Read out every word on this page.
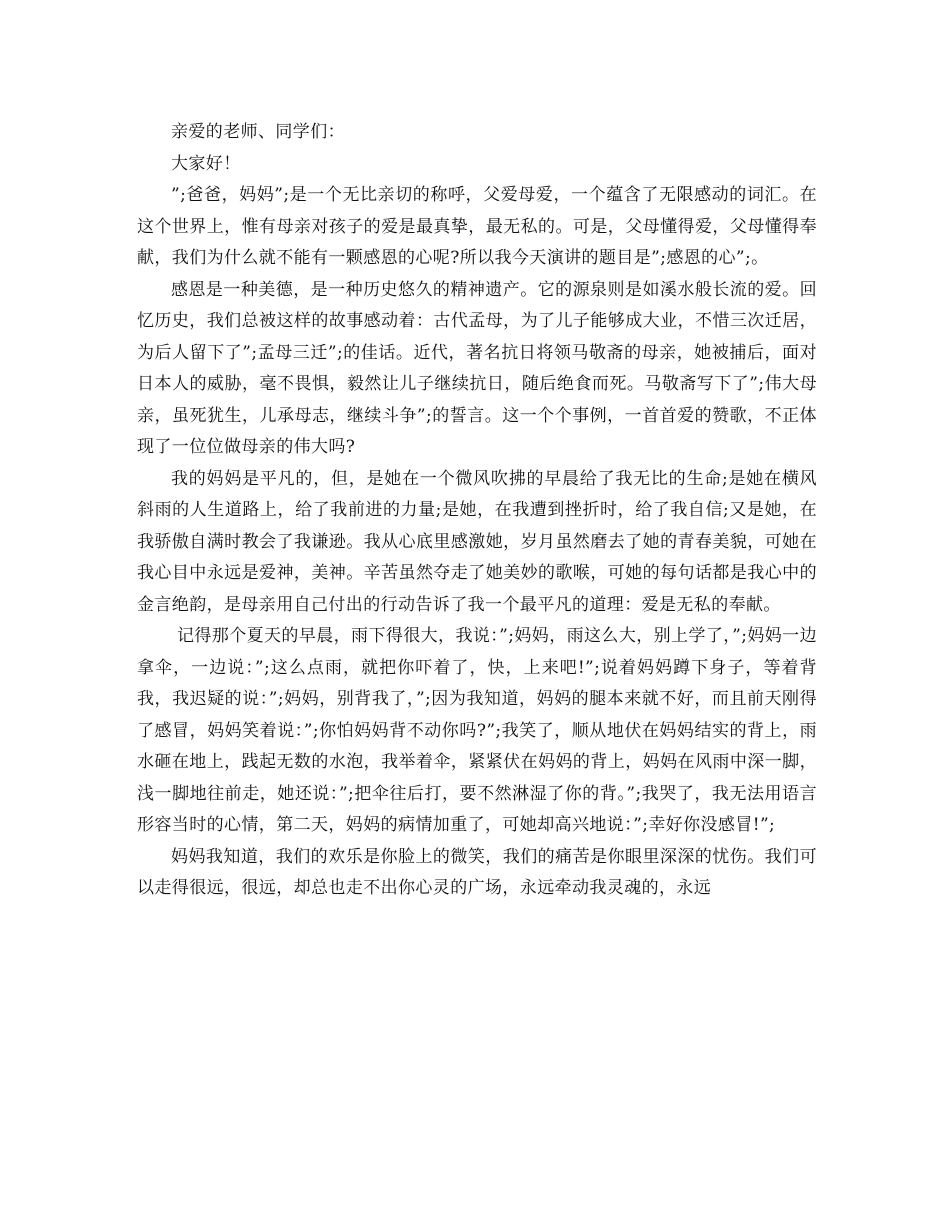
亲爱的老师、同学们：

大家好！

”;爸爸，妈妈”;是一个无比亲切的称呼，父爱母爱，一个蕴含了无限感动的词汇。在这个世界上，惟有母亲对孩子的爱是最真挚，最无私的。可是，父母懂得爱，父母懂得奉献，我们为什么就不能有一颗感恩的心呢?所以我今天演讲的题目是”;感恩的心”;。

感恩是一种美德，是一种历史悠久的精神遗产。它的源泉则是如溪水般长流的爱。回忆历史，我们总被这样的故事感动着：古代孟母，为了儿子能够成大业，不惜三次迁居，为后人留下了”;孟母三迁”;的佳话。近代，著名抗日将领马敬斋的母亲，她被捕后，面对日本人的威胁，毫不畏惧，毅然让儿子继续抗日，随后绝食而死。马敬斋写下了”;伟大母亲，虽死犹生，儿承母志，继续斗争”;的誓言。这一个个事例，一首首爱的赞歌，不正体现了一位位做母亲的伟大吗?

我的妈妈是平凡的，但，是她在一个微风吹拂的早晨给了我无比的生命;是她在横风斜雨的人生道路上，给了我前进的力量;是她，在我遭到挫折时，给了我自信;又是她，在我骄傲自满时教会了我谦逊。我从心底里感激她，岁月虽然磨去了她的青春美貌，可她在我心目中永远是爱神，美神。辛苦虽然夺走了她美妙的歌喉，可她的每句话都是我心中的金言绝韵，是母亲用自己付出的行动告诉了我一个最平凡的道理：爱是无私的奉献。

记得那个夏天的早晨，雨下得很大，我说：”;妈妈，雨这么大，别上学了，”;妈妈一边拿伞，一边说：”;这么点雨，就把你吓着了，快，上来吧!”;说着妈妈蹲下身子，等着背我，我迟疑的说：”;妈妈，别背我了，”;因为我知道，妈妈的腿本来就不好，而且前天刚得了感冒，妈妈笑着说：”;你怕妈妈背不动你吗?”;我笑了，顺从地伏在妈妈结实的背上，雨水砸在地上，践起无数的水泡，我举着伞，紧紧伏在妈妈的背上，妈妈在风雨中深一脚，浅一脚地往前走，她还说：”;把伞往后打，要不然淋湿了你的背。”;我哭了，我无法用语言形容当时的心情，第二天，妈妈的病情加重了，可她却高兴地说：”;幸好你没感冒!”;

妈妈我知道，我们的欢乐是你脸上的微笑，我们的痛苦是你眼里深深的忧伤。我们可以走得很远，很远，却总也走不出你心灵的广场，永远牵动我灵魂的，永远
